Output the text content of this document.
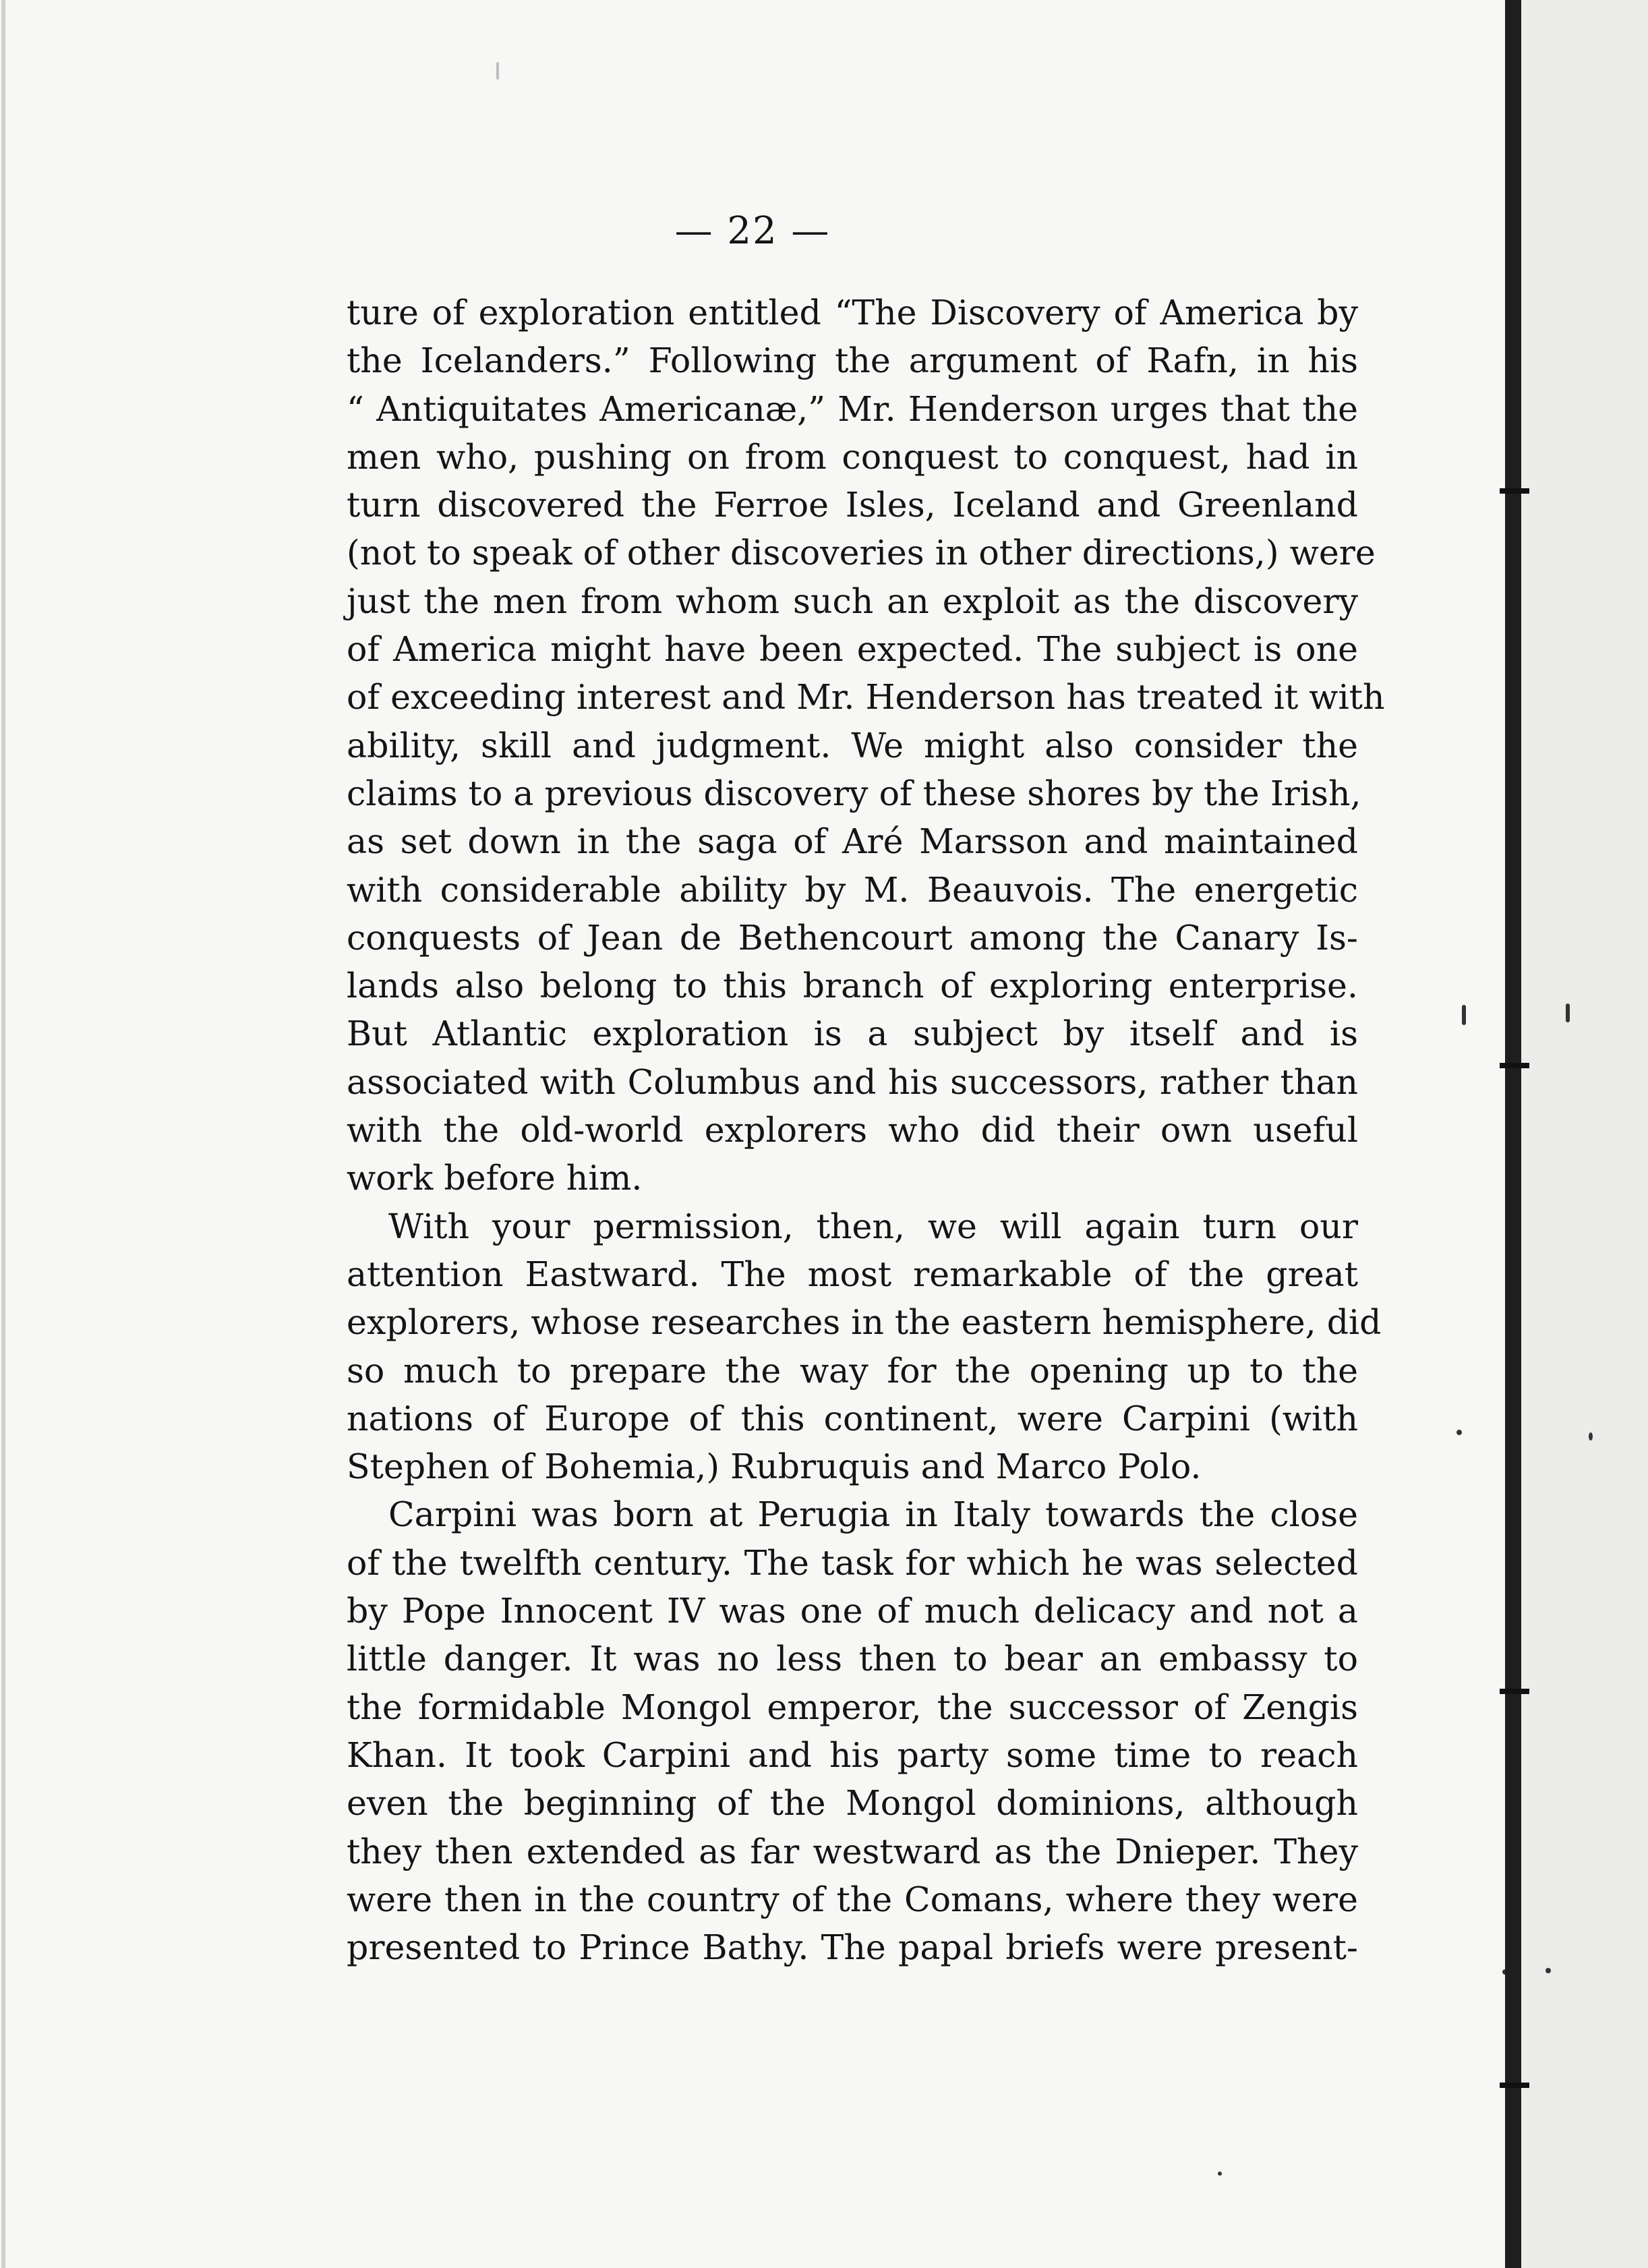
— 22 —
ture of exploration entitled “The Discovery of America by
the Icelanders.” Following the argument of Rafn, in his
“ Antiquitates Americanæ,” Mr. Henderson urges that the
men who, pushing on from conquest to conquest, had in
turn discovered the Ferroe Isles, Iceland and Greenland
(not to speak of other discoveries in other directions,) were
just the men from whom such an exploit as the discovery
of America might have been expected. The subject is one
of exceeding interest and Mr. Henderson has treated it with
ability, skill and judgment. We might also consider the
claims to a previous discovery of these shores by the Irish,
as set down in the saga of Aré Marsson and maintained
with considerable ability by M. Beauvois. The energetic
conquests of Jean de Bethencourt among the Canary Is-
lands also belong to this branch of exploring enterprise.
But Atlantic exploration is a subject by itself and is
associated with Columbus and his successors, rather than
with the old-world explorers who did their own useful
work before him.
With your permission, then, we will again turn our
attention Eastward. The most remarkable of the great
explorers, whose researches in the eastern hemisphere, did
so much to prepare the way for the opening up to the
nations of Europe of this continent, were Carpini (with
Stephen of Bohemia,) Rubruquis and Marco Polo.
Carpini was born at Perugia in Italy towards the close
of the twelfth century. The task for which he was selected
by Pope Innocent IV was one of much delicacy and not a
little danger. It was no less then to bear an embassy to
the formidable Mongol emperor, the successor of Zengis
Khan. It took Carpini and his party some time to reach
even the beginning of the Mongol dominions, although
they then extended as far westward as the Dnieper. They
were then in the country of the Comans, where they were
presented to Prince Bathy. The papal briefs were present-
